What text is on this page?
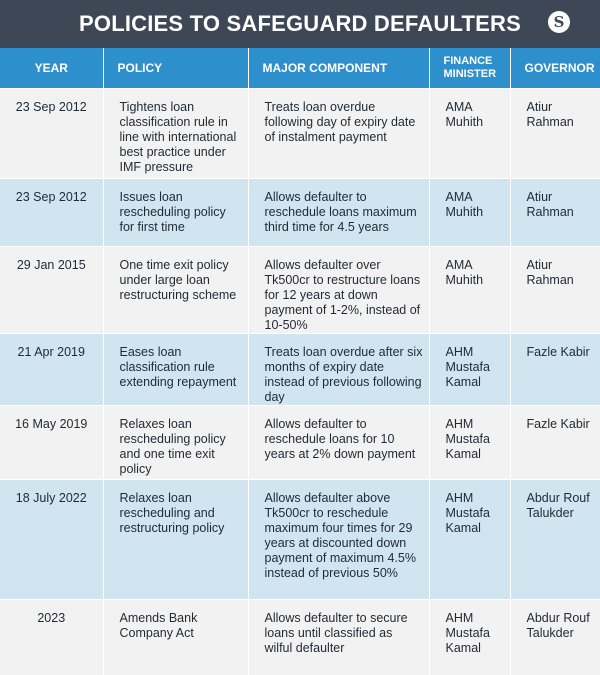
POLICIES TO SAFEGUARD DEFAULTERS S
YEAR	POLICY	MAJOR COMPONENT	FINANCE MINISTER	GOVERNOR
23 Sep 2012	Tightens loan classification rule in line with international best practice under IMF pressure	Treats loan overdue following day of expiry date of instalment payment	AMA Muhith	Atiur Rahman
23 Sep 2012	Issues loan rescheduling policy for first time	Allows defaulter to reschedule loans maximum third time for 4.5 years	AMA Muhith	Atiur Rahman
29 Jan 2015	One time exit policy under large loan restructuring scheme	Allows defaulter over Tk500cr to restructure loans for 12 years at down payment of 1-2%, instead of 10-50%	AMA Muhith	Atiur Rahman
21 Apr 2019	Eases loan classification rule extending repayment	Treats loan overdue after six months of expiry date instead of previous following day	AHM Mustafa Kamal	Fazle Kabir
16 May 2019	Relaxes loan rescheduling policy and one time exit policy	Allows defaulter to reschedule loans for 10 years at 2% down payment	AHM Mustafa Kamal	Fazle Kabir
18 July 2022	Relaxes loan rescheduling and restructuring policy	Allows defaulter above Tk500cr to reschedule maximum four times for 29 years at discounted down payment of maximum 4.5% instead of previous 50%	AHM Mustafa Kamal	Abdur Rouf Talukder
2023	Amends Bank Company Act	Allows defaulter to secure loans until classified as wilful defaulter	AHM Mustafa Kamal	Abdur Rouf Talukder
